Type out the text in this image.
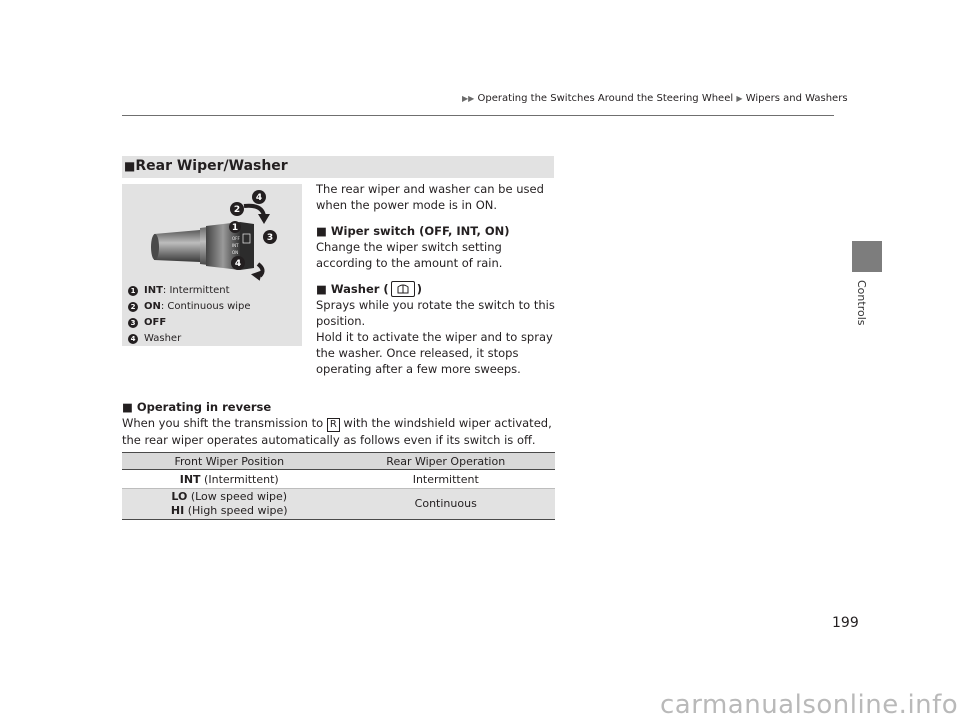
▶▶ Operating the Switches Around the Steering Wheel ▶ Wipers and Washers
Controls
■Rear Wiper/Washer
OFF
INT
ON
4
2
1
3
4
1 INT : Intermittent
2 ON : Continuous wipe
3 OFF
4 Washer

The rear wiper and washer can be used when the power mode is in ON.

■ Wiper switch (OFF, INT, ON)

Change the wiper switch setting according to the amount of rain.

■ Washer ( )

Sprays while you rotate the switch to this position.

Hold it to activate the wiper and to spray the washer. Once released, it stops operating after a few more sweeps.

■ Operating in reverse

When you shift the transmission to R with the windshield wiper activated, the rear wiper operates automatically as follows even if its switch is off.

Front Wiper Position	Rear Wiper Operation
INT (Intermittent)	Intermittent

LO (Low speed wipe)
HI (High speed wipe)	Continuous
199
carmanualsonline.info
